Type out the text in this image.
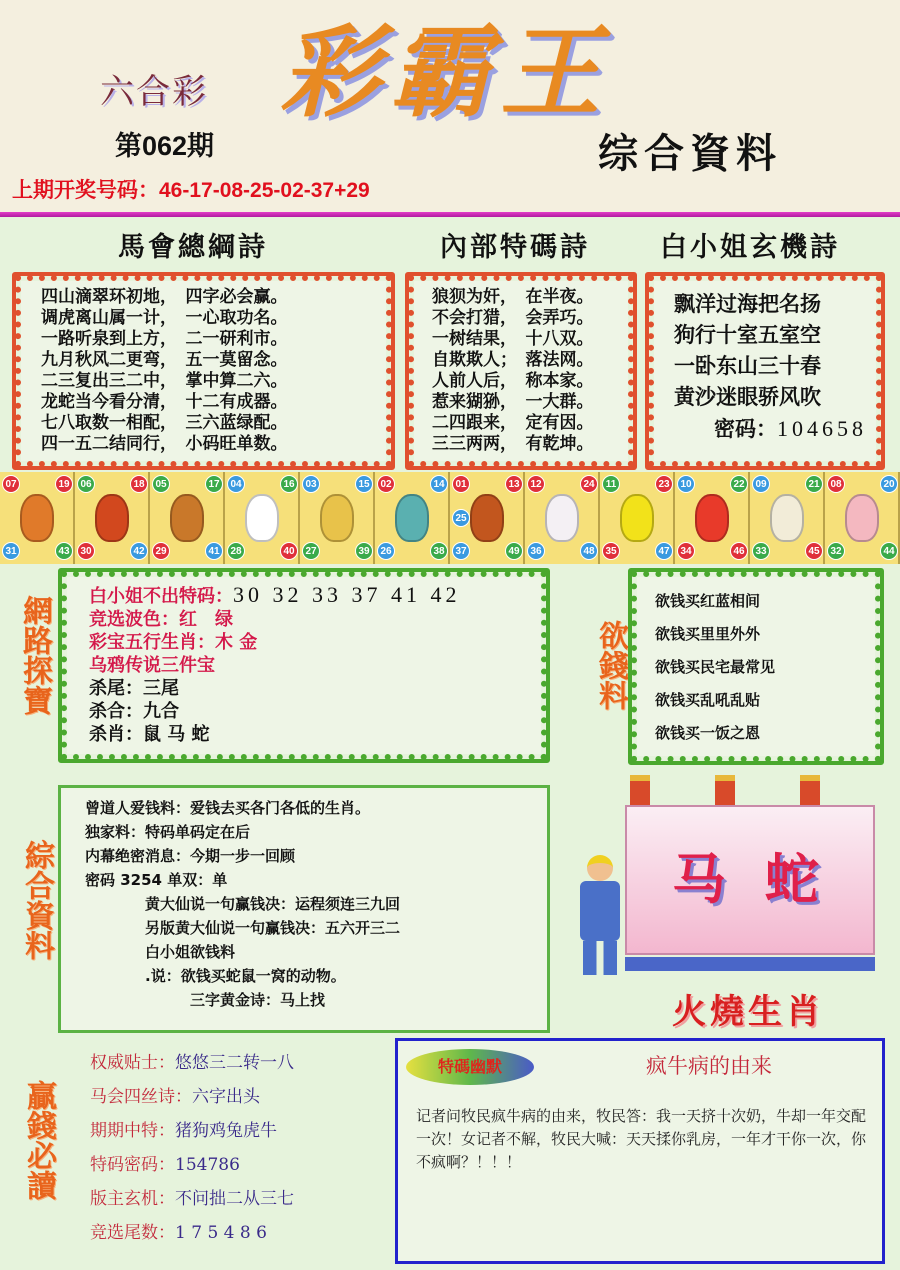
六合彩 彩霸王
第062期	综合資料
上期开奖号码：46-17-08-25-02-37+29
馬會總綱詩	內部特碼詩	白小姐玄機詩
四山滴翠环初地，　四字必会赢。
调虎离山属一计，　一心取功名。
一路听泉到上方，　二一研利市。
九月秋风二更弯，　五一莫留念。
二三复出三二中，　掌中算二六。
龙蛇当今看分清，　十二有成器。
七八取数一相配，　三六蓝绿配。
四一五二结同行，　小码旺单数。
狼狈为奸，　在半夜。
不会打猎，　会弄巧。
一树结果，　十八双。
自欺欺人；　落法网。
人前人后，　称本家。
惹来猢狲，　一大群。
二四跟来，　定有因。
三三两两，　有乾坤。
飘洋过海把名扬
狗行十室五室空
一卧东山三十春
黄沙迷眼骄风吹
密码：104658
07	19
31	43
06	18
30	42
05	17
29	41
04	16
28	40
03	15
27	39
02	14
26	38
01	13
25
37	49
12	24
36	48
11	23
35	47
10	22
34	46
09	21
33	45
08	20
32	44
網路探寶 白小姐不出特码：30 32 33 37 41 42
竞选波色：红　绿
彩宝五行生肖：木 金
乌鸦传说三件宝
杀尾：三尾
杀合：九合
杀肖：鼠 马 蛇
欲錢料
欲钱买红蓝相间
欲钱买里里外外
欲钱买民宅最常见
欲钱买乱吼乱贴
欲钱买一饭之恩
綜合資料
曾道人爱钱料：爱钱去买各门各低的生肖。
独家料：特码单码定在后
内幕绝密消息：今期一步一回顾
密码 3254 单双：单
黄大仙说一句赢钱决：运程须连三九回
另版黄大仙说一句赢钱决：五六开三二
白小姐欲钱料
.说：欲钱买蛇鼠一窝的动物。
三字黄金诗：马上找
马 蛇
火燒生肖
贏錢必讀
权威贴士：悠悠三二转一八
马会四丝诗：六字出头
期期中特：猪狗鸡兔虎牛
特码密码：154786
版主玄机：不问拙二从三七
竞选尾数：1 7 5 4 8 6
特碼幽默	疯牛病的由来
记者问牧民疯牛病的由来，牧民答：我一天挤十次奶，牛却一年交配一次！女记者不解，牧民大喊：天天揉你乳房，一年才干你一次，你不疯啊？！！！
